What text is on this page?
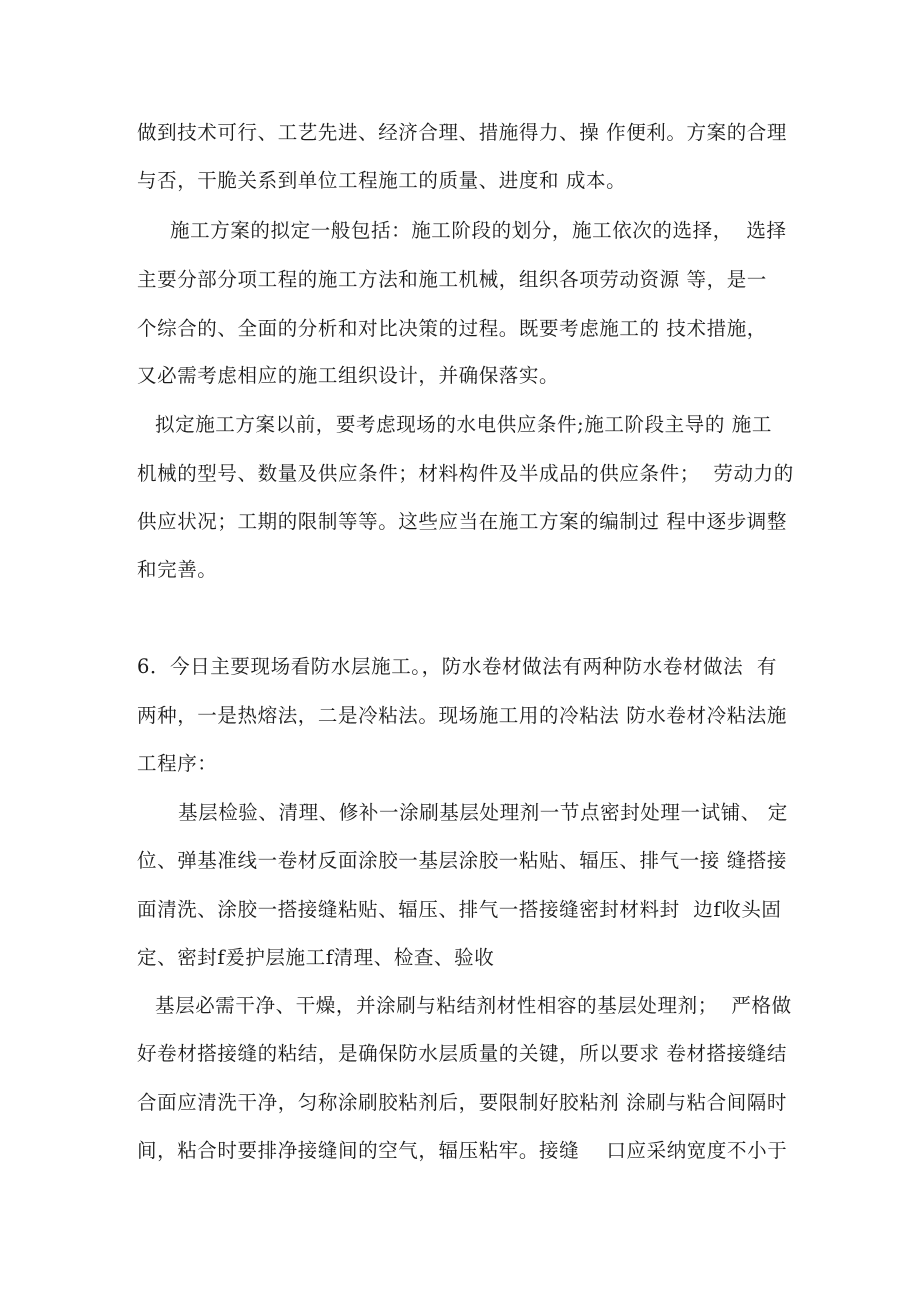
做到技术可行、工艺先进、经济合理、措施得力、操 作便利。方案的合理
与否，干脆关系到单位工程施工的质量、进度和 成本。
施工方案的拟定一般包括：施工阶段的划分，施工依次的选择，  选择
主要分部分项工程的施工方法和施工机械，组织各项劳动资源 等，是一
个综合的、全面的分析和对比决策的过程。既要考虑施工的 技术措施，
又必需考虑相应的施工组织设计，并确保落实。
拟定施工方案以前，要考虑现场的水电供应条件;施工阶段主导的 施工
机械的型号、数量及供应条件；材料构件及半成品的供应条件；  劳动力的
供应状况；工期的限制等等。这些应当在施工方案的编制过 程中逐步调整
和完善。
6．今日主要现场看防水层施工。，防水卷材做法有两种防水卷材做法  有
两种，一是热熔法，二是冷粘法。现场施工用的冷粘法 防水卷材冷粘法施
工程序：
基层检验、清理、修补一涂刷基层处理剂一节点密封处理一试铺、 定
位、弹基准线一卷材反面涂胶一基层涂胶一粘贴、辐压、排气一接 缝搭接
面清洗、涂胶一搭接缝粘贴、辐压、排气一搭接缝密封材料封  边f收头固
定、密封f爰护层施工f清理、检查、验收
基层必需干净、干燥，并涂刷与粘结剂材性相容的基层处理剂；  严格做
好卷材搭接缝的粘结，是确保防水层质量的关键，所以要求 卷材搭接缝结
合面应清洗干净，匀称涂刷胶粘剂后，要限制好胶粘剂 涂刷与粘合间隔时
间，粘合时要排净接缝间的空气，辐压粘牢。接缝    口应采纳宽度不小于
